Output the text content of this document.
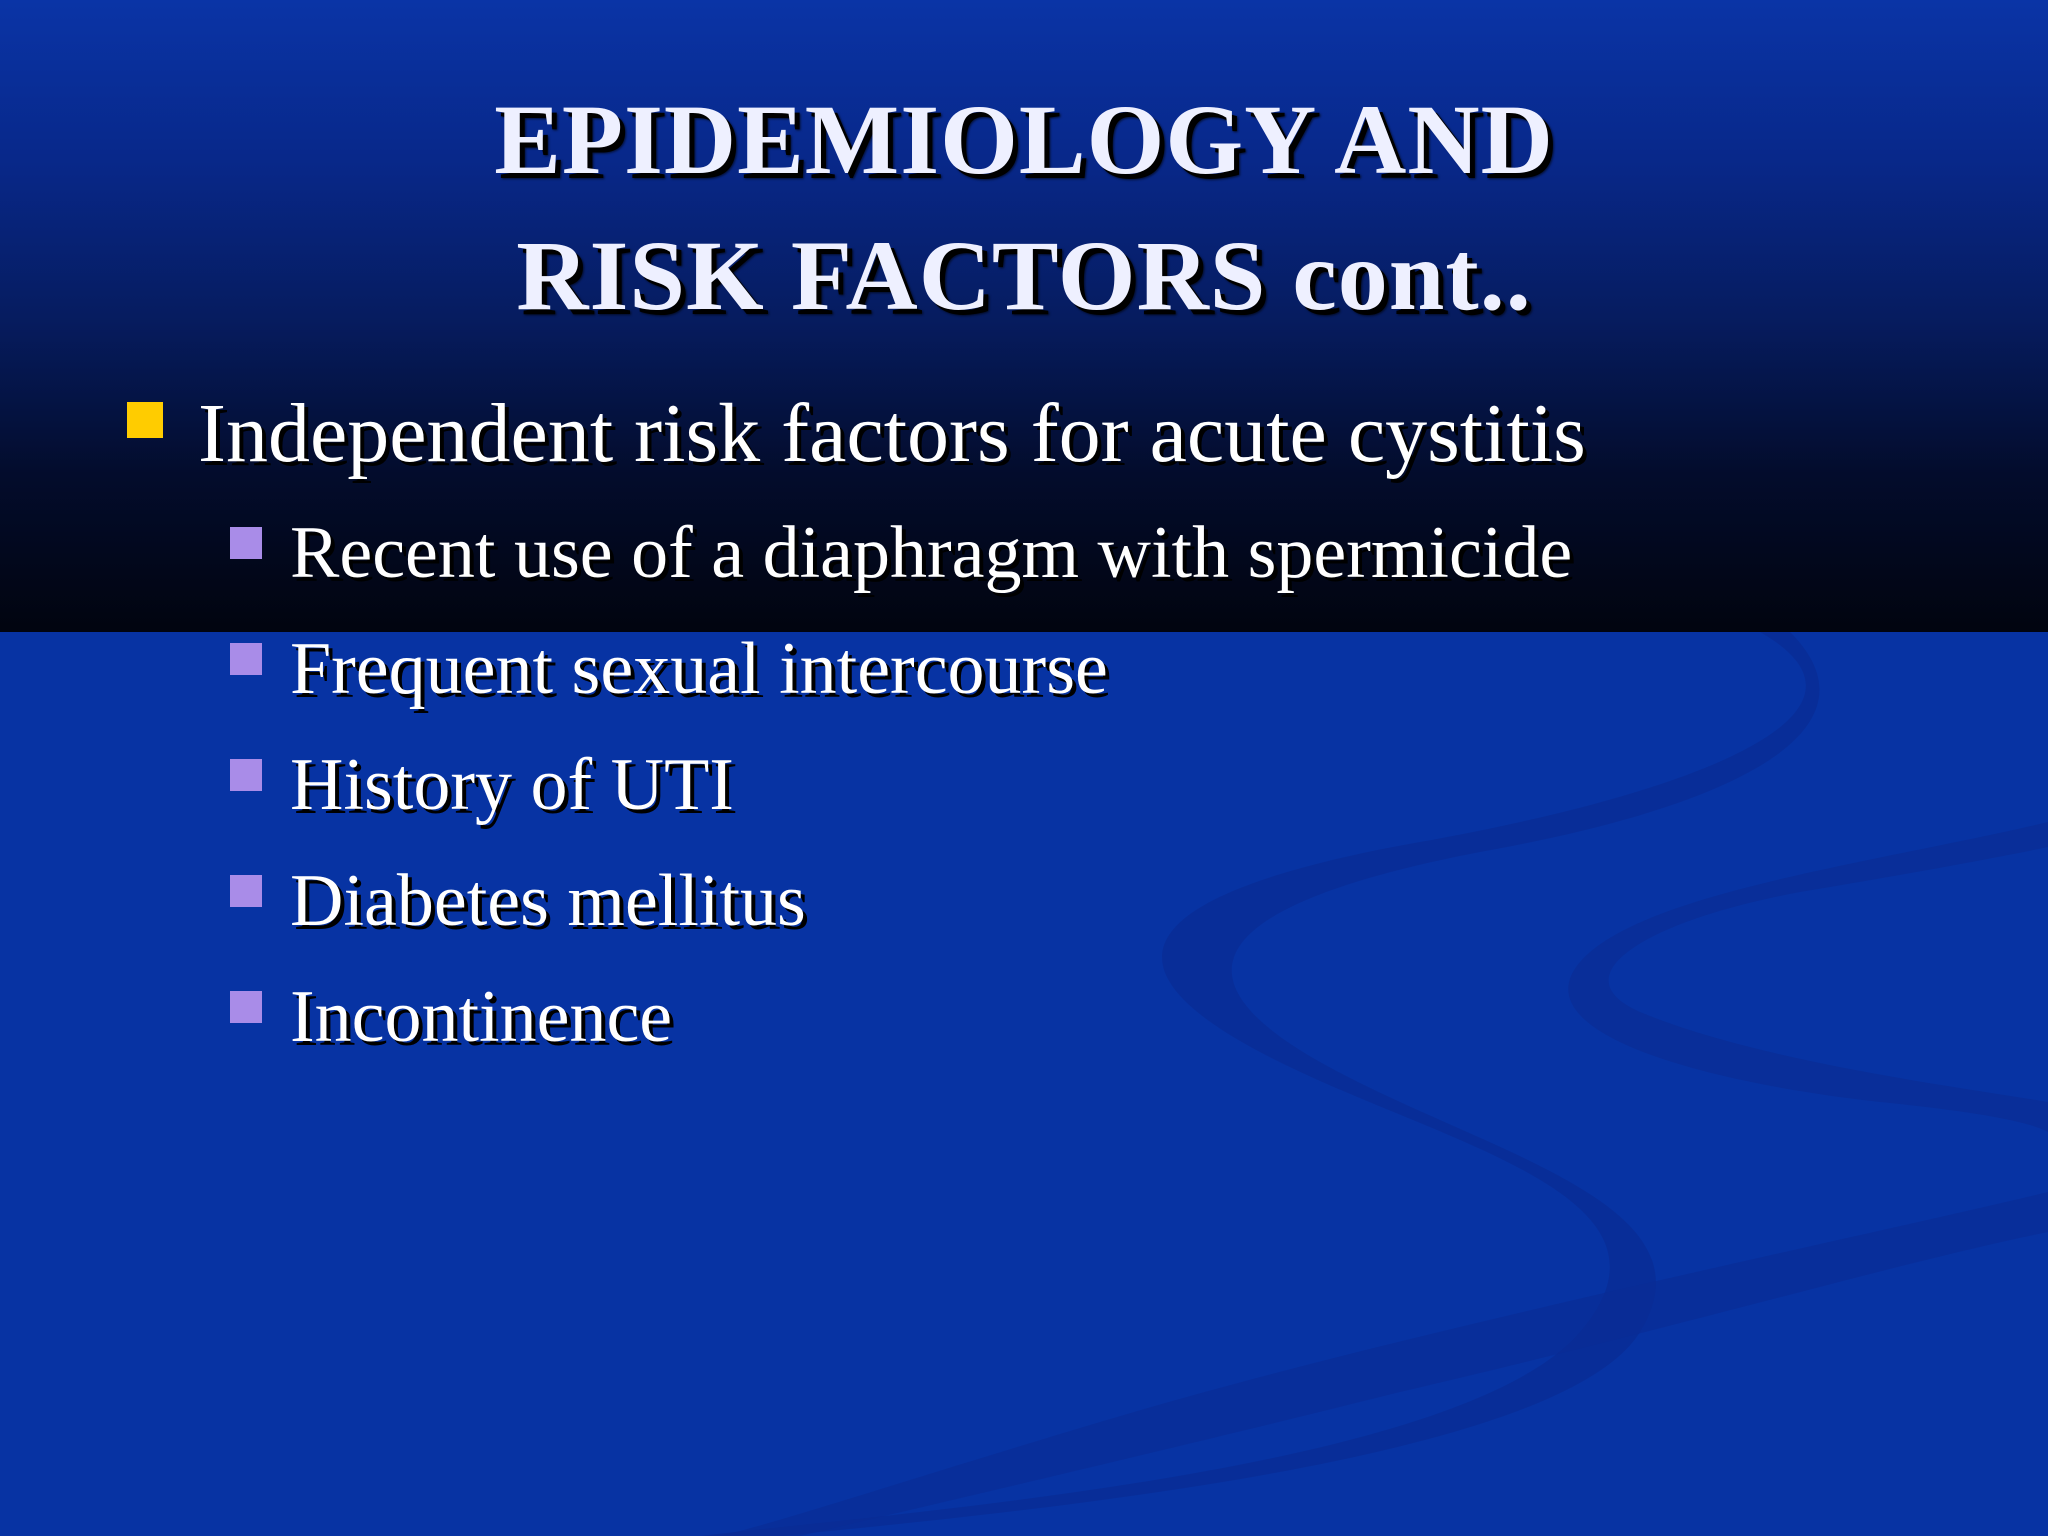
EPIDEMIOLOGY AND
RISK FACTORS cont..
Independent risk factors for acute cystitis
Recent use of a diaphragm with spermicide
Frequent sexual intercourse
History of UTI
Diabetes mellitus
Incontinence
